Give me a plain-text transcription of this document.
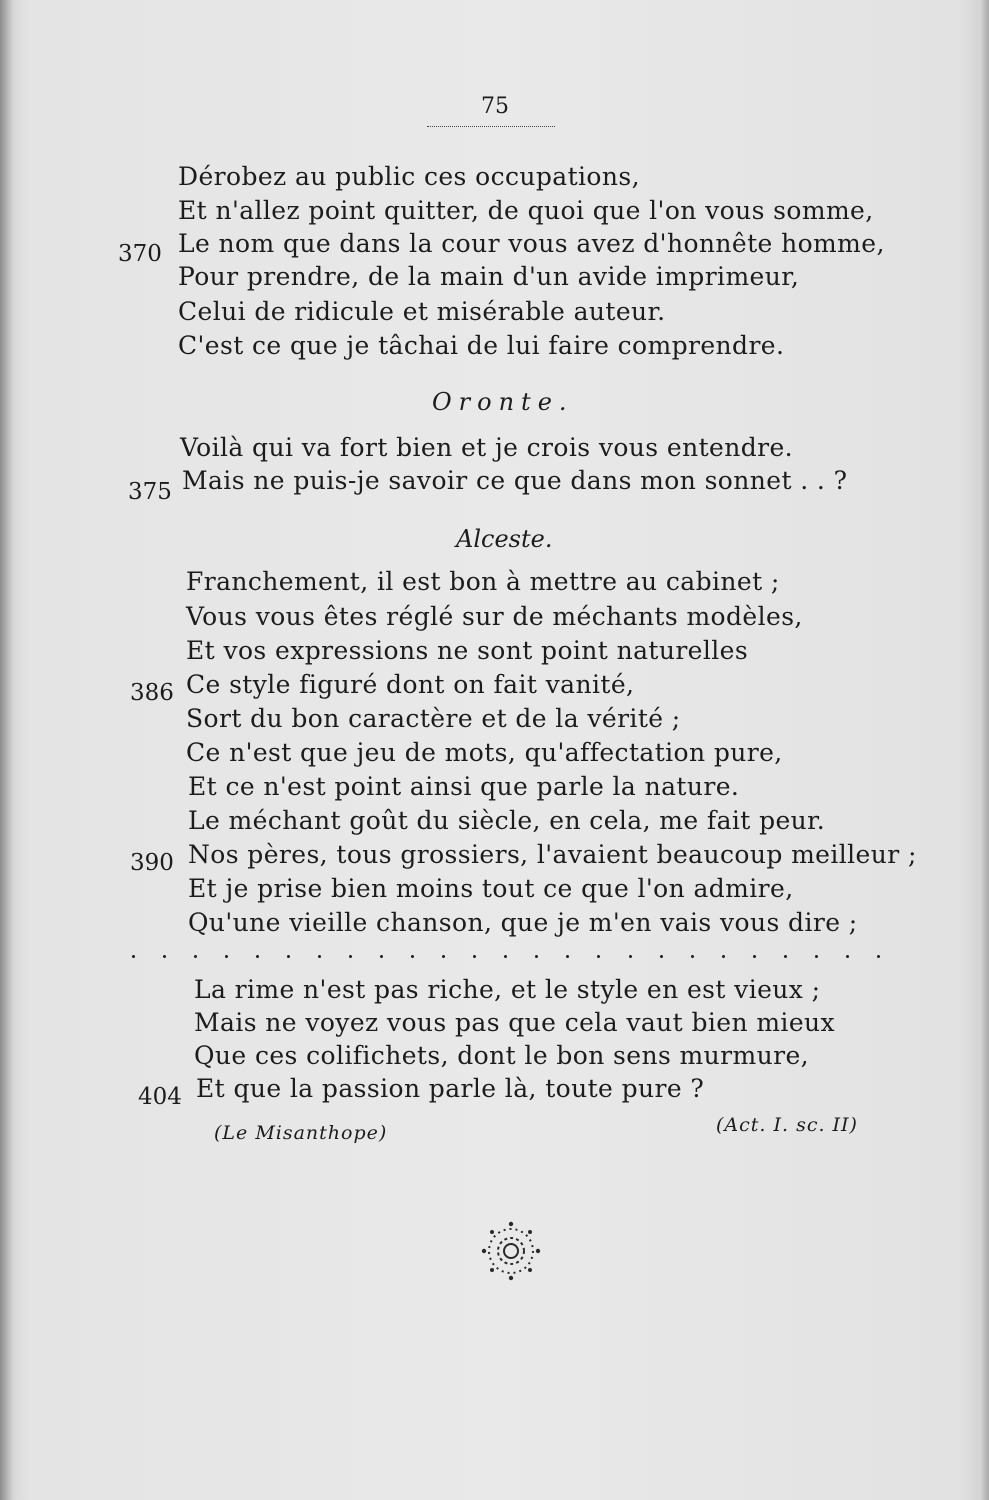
75
Dérobez au public ces occupations,
Et n'allez point quitter, de quoi que l'on vous somme,
370 Le nom que dans la cour vous avez d'honnête homme,
Pour prendre, de la main d'un avide imprimeur,
Celui de ridicule et misérable auteur.
C'est ce que je tâchai de lui faire comprendre.
Oronte.
Voilà qui va fort bien et je crois vous entendre.
375 Mais ne puis-je savoir ce que dans mon sonnet . . ?
Alceste.
Franchement, il est bon à mettre au cabinet ;
Vous vous êtes réglé sur de méchants modèles,
Et vos expressions ne sont point naturelles
386 Ce style figuré dont on fait vanité,
Sort du bon caractère et de la vérité ;
Ce n'est que jeu de mots, qu'affectation pure,
Et ce n'est point ainsi que parle la nature.
Le méchant goût du siècle, en cela, me fait peur.
390 Nos pères, tous grossiers, l'avaient beaucoup meilleur ;
Et je prise bien moins tout ce que l'on admire,
Qu'une vieille chanson, que je m'en vais vous dire ;
La rime n'est pas riche, et le style en est vieux ;
Mais ne voyez vous pas que cela vaut bien mieux
Que ces colifichets, dont le bon sens murmure,
404 Et que la passion parle là, toute pure ?
(Le Misanthope)	(Act. I. sc. II)
